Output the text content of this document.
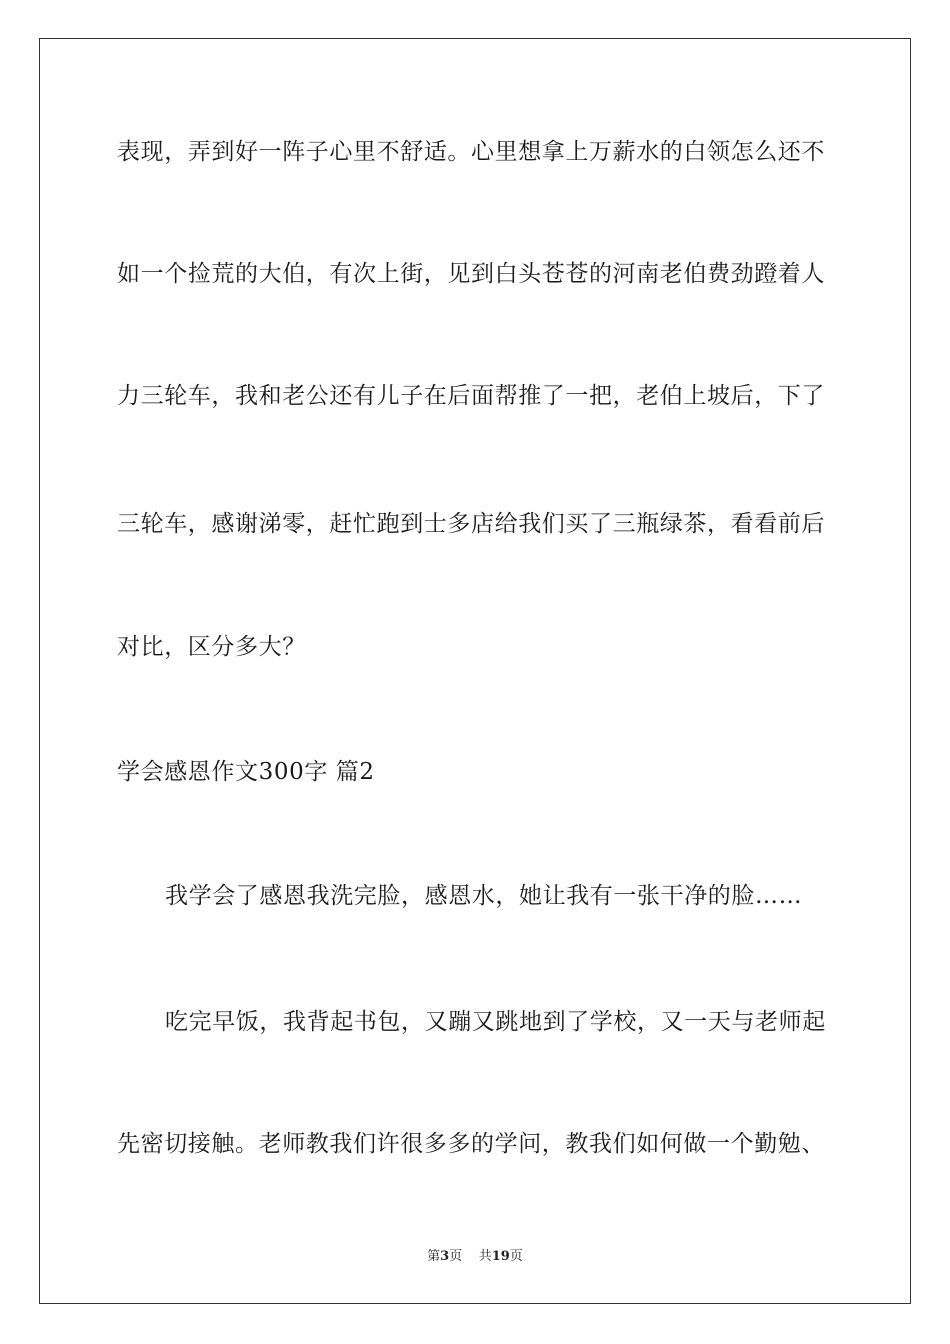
表现，弄到好一阵子心里不舒适。心里想拿上万薪水的白领怎么还不
如一个捡荒的大伯，有次上街，见到白头苍苍的河南老伯费劲蹬着人
力三轮车，我和老公还有儿子在后面帮推了一把，老伯上坡后，下了
三轮车，感谢涕零，赶忙跑到士多店给我们买了三瓶绿茶，看看前后
对比，区分多大？
学会感恩作文300字 篇2
我学会了感恩我洗完脸，感恩水，她让我有一张干净的脸……
吃完早饭，我背起书包，又蹦又跳地到了学校，又一天与老师起
先密切接触。老师教我们许很多多的学问，教我们如何做一个勤勉、
第3页 共19页
